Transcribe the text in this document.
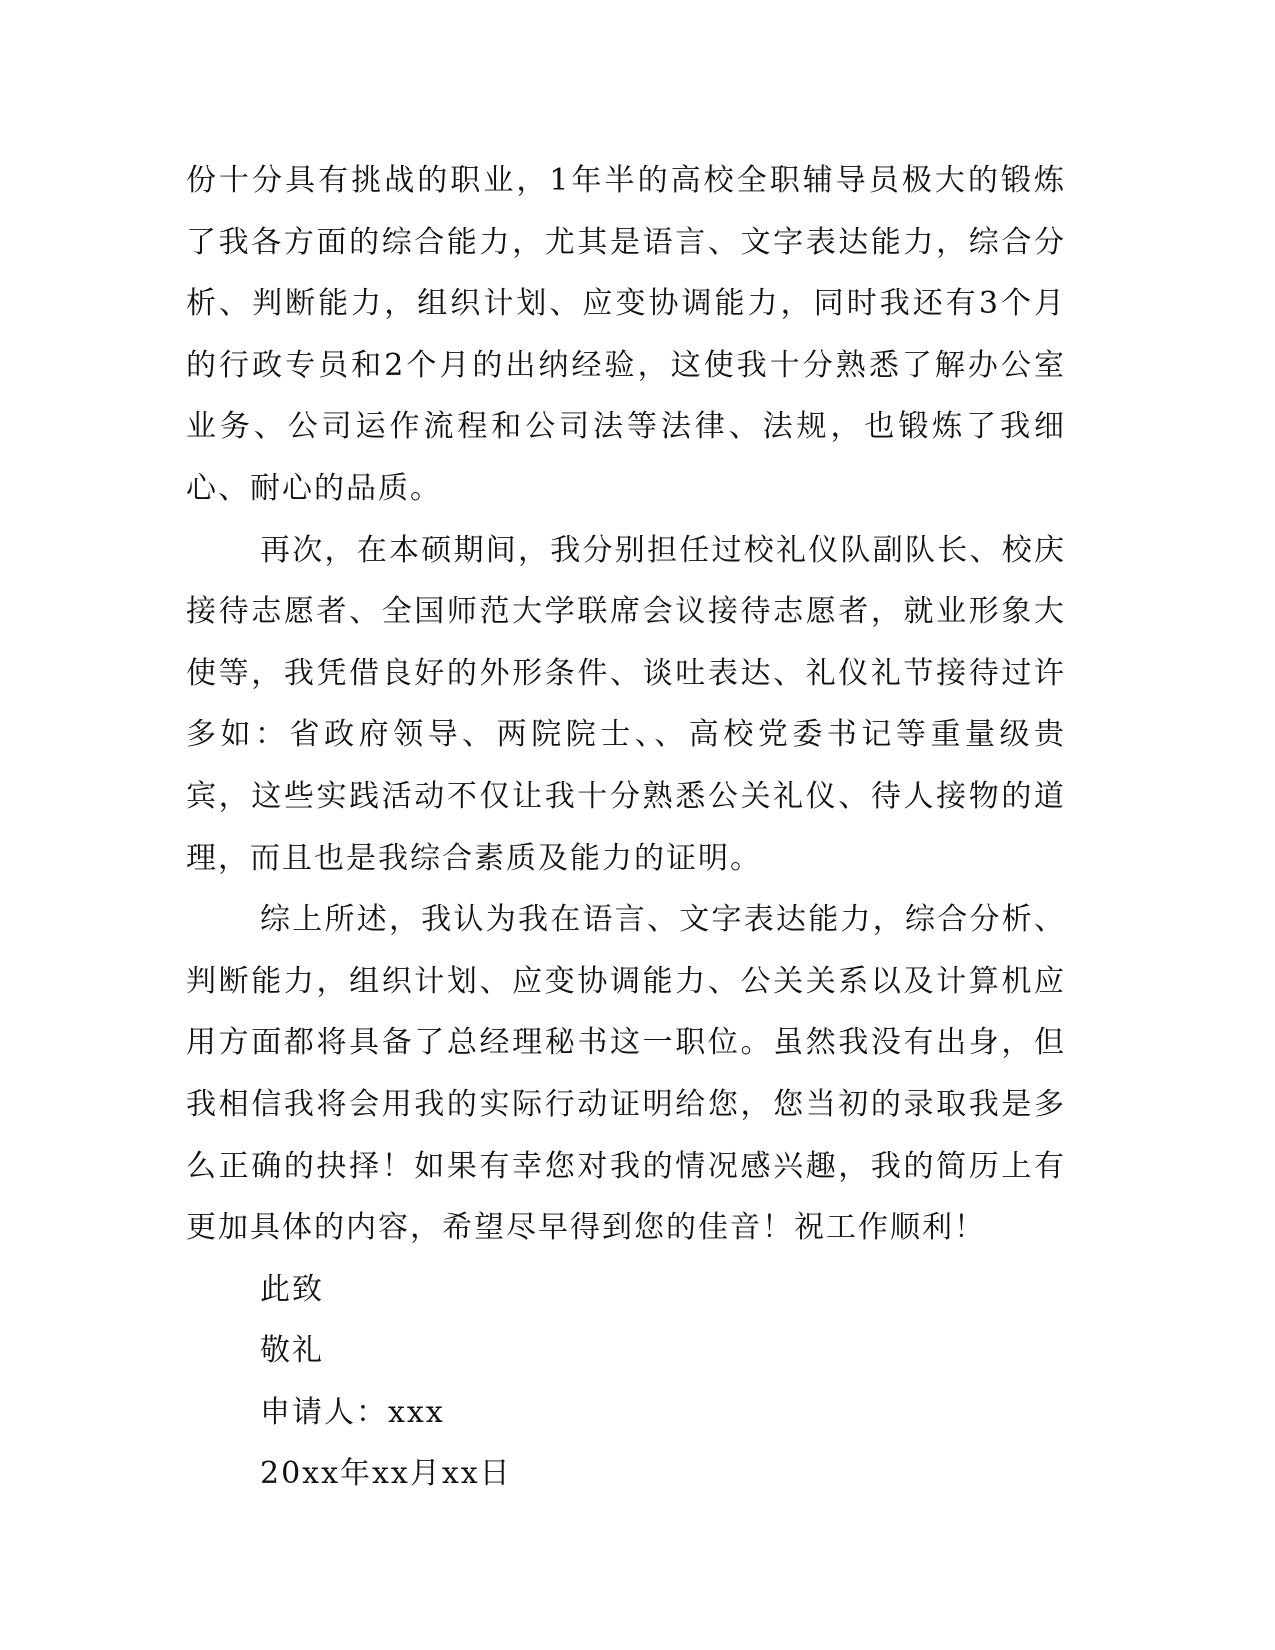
份十分具有挑战的职业，1年半的高校全职辅导员极大的锻炼了我各方面的综合能力，尤其是语言、文字表达能力，综合分析、判断能力，组织计划、应变协调能力，同时我还有3个月的行政专员和2个月的出纳经验，这使我十分熟悉了解办公室业务、公司运作流程和公司法等法律、法规，也锻炼了我细心、耐心的品质。

再次，在本硕期间，我分别担任过校礼仪队副队长、校庆接待志愿者、全国师范大学联席会议接待志愿者，就业形象大使等，我凭借良好的外形条件、谈吐表达、礼仪礼节接待过许多如：省政府领导、两院院士、、高校党委书记等重量级贵宾，这些实践活动不仅让我十分熟悉公关礼仪、待人接物的道理，而且也是我综合素质及能力的证明。

综上所述，我认为我在语言、文字表达能力，综合分析、判断能力，组织计划、应变协调能力、公关关系以及计算机应用方面都将具备了总经理秘书这一职位。虽然我没有出身，但我相信我将会用我的实际行动证明给您，您当初的录取我是多么正确的抉择！如果有幸您对我的情况感兴趣，我的简历上有更加具体的内容，希望尽早得到您的佳音！祝工作顺利！

此致

敬礼

申请人：xxx

20xx年xx月xx日
